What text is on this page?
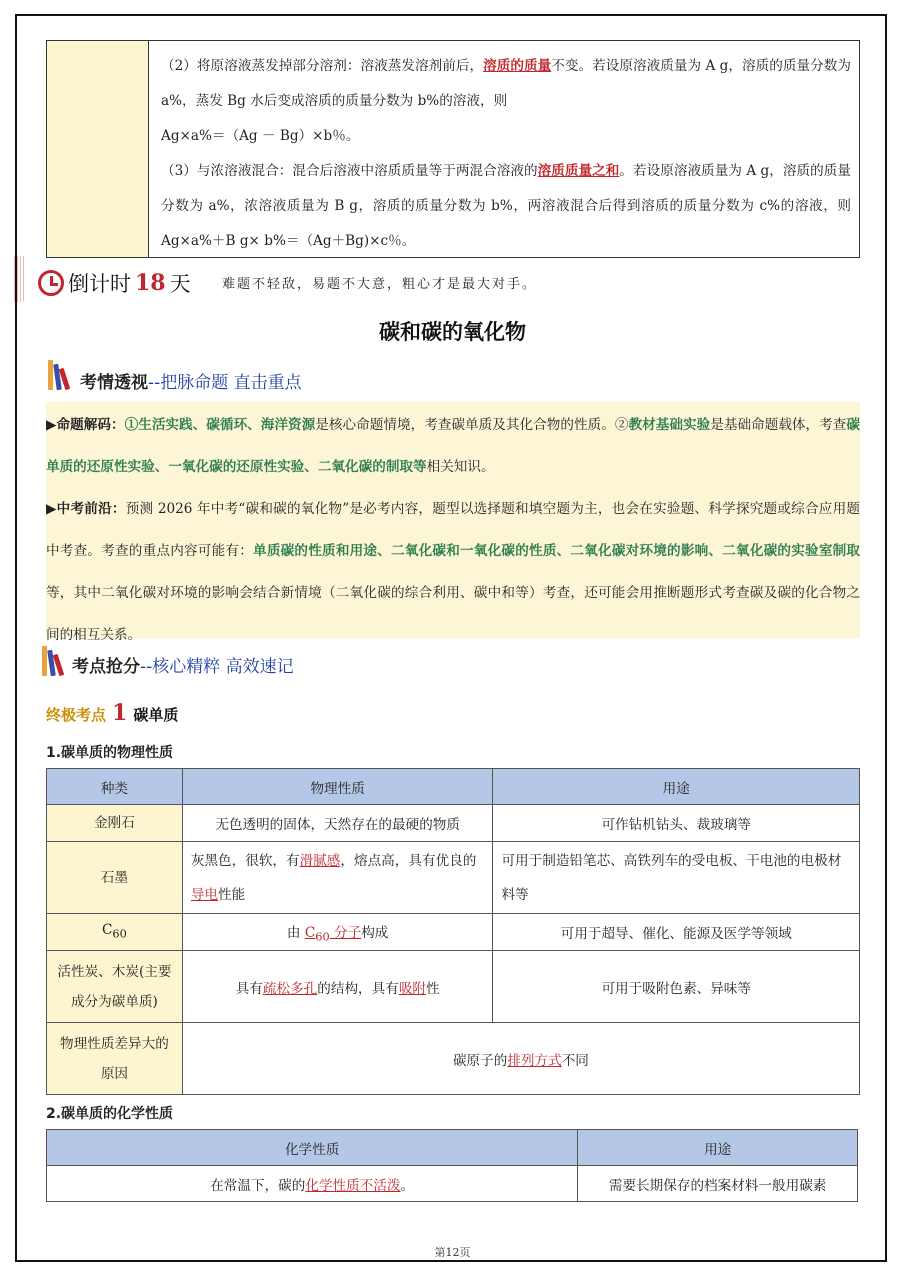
（2）将原溶液蒸发掉部分溶剂：溶液蒸发溶剂前后，溶质的质量不变。若设原溶液质量为 A g，溶质的质量分数为 a%，蒸发 Bg 水后变成溶质的质量分数为 b%的溶液，则

Ag×a%＝（Ag － Bg）×b％。

（3）与浓溶液混合：混合后溶液中溶质质量等于两混合溶液的溶质质量之和。若设原溶液质量为 A g，溶质的质量分数为 a%，浓溶液质量为 B g，溶质的质量分数为 b%，两溶液混合后得到溶质的质量分数为 c%的溶液，则 Ag×a%＋B g× b%＝（Ag＋Bg)×c％。

倒计时 18 天 难题不轻敌，易题不大意，粗心才是最大对手。
碳和碳的氧化物
考情透视--把脉命题 直击重点

▶命题解码：①生活实践、碳循环、海洋资源是核心命题情境，考查碳单质及其化合物的性质。②教材基础实验是基础命题载体，考查碳单质的还原性实验、一氧化碳的还原性实验、二氧化碳的制取等相关知识。

▶中考前沿：预测 2026 年中考“碳和碳的氧化物”是必考内容，题型以选择题和填空题为主，也会在实验题、科学探究题或综合应用题中考查。考查的重点内容可能有：单质碳的性质和用途、二氧化碳和一氧化碳的性质、二氧化碳对环境的影响、二氧化碳的实验室制取等，其中二氧化碳对环境的影响会结合新情境（二氧化碳的综合利用、碳中和等）考查，还可能会用推断题形式考查碳及碳的化合物之间的相互关系。

考点抢分--核心精粹 高效速记
终极考点 1 碳单质
1.碳单质的物理性质
种类	物理性质	用途
金刚石	无色透明的固体，天然存在的最硬的物质	可作钻机钻头、裁玻璃等
石墨	灰黑色，很软，有滑腻感，熔点高，具有优良的导电性能	可用于制造铅笔芯、高铁列车的受电板、干电池的电极材料等
$C_{60}$	由 $C_{60}$ 分子构成	可用于超导、催化、能源及医学等领域
活性炭、木炭(主要成分为碳单质)	具有疏松多孔的结构，具有吸附性	可用于吸附色素、异味等
物理性质差异大的原因	碳原子的排列方式不同	
2.碳单质的化学性质
化学性质	用途
在常温下，碳的化学性质不活泼。	需要长期保存的档案材料一般用碳素
第12页
